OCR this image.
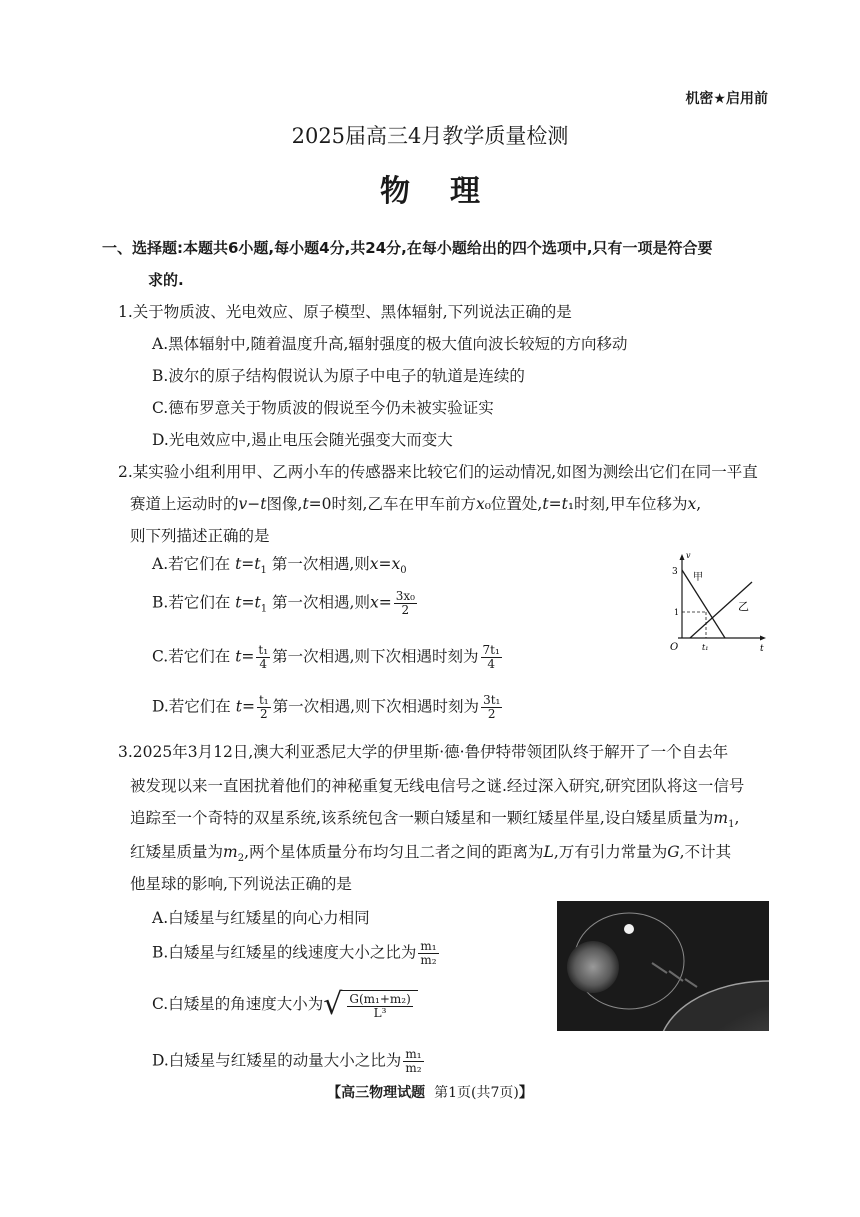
机密★启用前
2025届高三4月教学质量检测
物理
一、选择题:本题共6小题,每小题4分,共24分,在每小题给出的四个选项中,只有一项是符合要
求的.
1.关于物质波、光电效应、原子模型、黑体辐射,下列说法正确的是
A.黑体辐射中,随着温度升高,辐射强度的极大值向波长较短的方向移动
B.波尔的原子结构假说认为原子中电子的轨道是连续的
C.德布罗意关于物质波的假说至今仍未被实验证实
D.光电效应中,遏止电压会随光强变大而变大
2.某实验小组利用甲、乙两小车的传感器来比较它们的运动情况,如图为测绘出它们在同一平直
赛道上运动时的v−t图像,t=0时刻,乙车在甲车前方x₀位置处,t=t₁时刻,甲车位移为x,
则下列描述正确的是
A.若它们在 $t=t_1$ 第一次相遇,则$x=x_0$
B.若它们在 $t=t_1$ 第一次相遇,则$x= \frac{\text{3x₀}}{2}$
C.若它们在 $t= \frac{\text{t₁}}{4}$ 第一次相遇,则下次相遇时刻为 $\frac{\text{7t₁}}{4}$
D.若它们在 $t= \frac{\text{t₁}}{2}$ 第一次相遇,则下次相遇时刻为 $\frac{\text{3t₁}}{2}$
v
t
O
3
1
t₁
甲
乙
3.2025年3月12日,澳大利亚悉尼大学的伊里斯·德·鲁伊特带领团队终于解开了一个自去年
被发现以来一直困扰着他们的神秘重复无线电信号之谜.经过深入研究,研究团队将这一信号
追踪至一个奇特的双星系统,该系统包含一颗白矮星和一颗红矮星伴星,设白矮星质量为$m_1$,
红矮星质量为$m_2$,两个星体质量分布均匀且二者之间的距离为L,万有引力常量为G,不计其
他星球的影响,下列说法正确的是
A.白矮星与红矮星的向心力相同
B.白矮星与红矮星的线速度大小之比为 $\frac{\text{m₁}}{\text{m₂}}$
C.白矮星的角速度大小为 √ $\frac{\text{G(m₁+m₂)}}{\text{L³}}$
D.白矮星与红矮星的动量大小之比为 $\frac{\text{m₁}}{\text{m₂}}$
【高三物理试题 第1页(共7页)】
